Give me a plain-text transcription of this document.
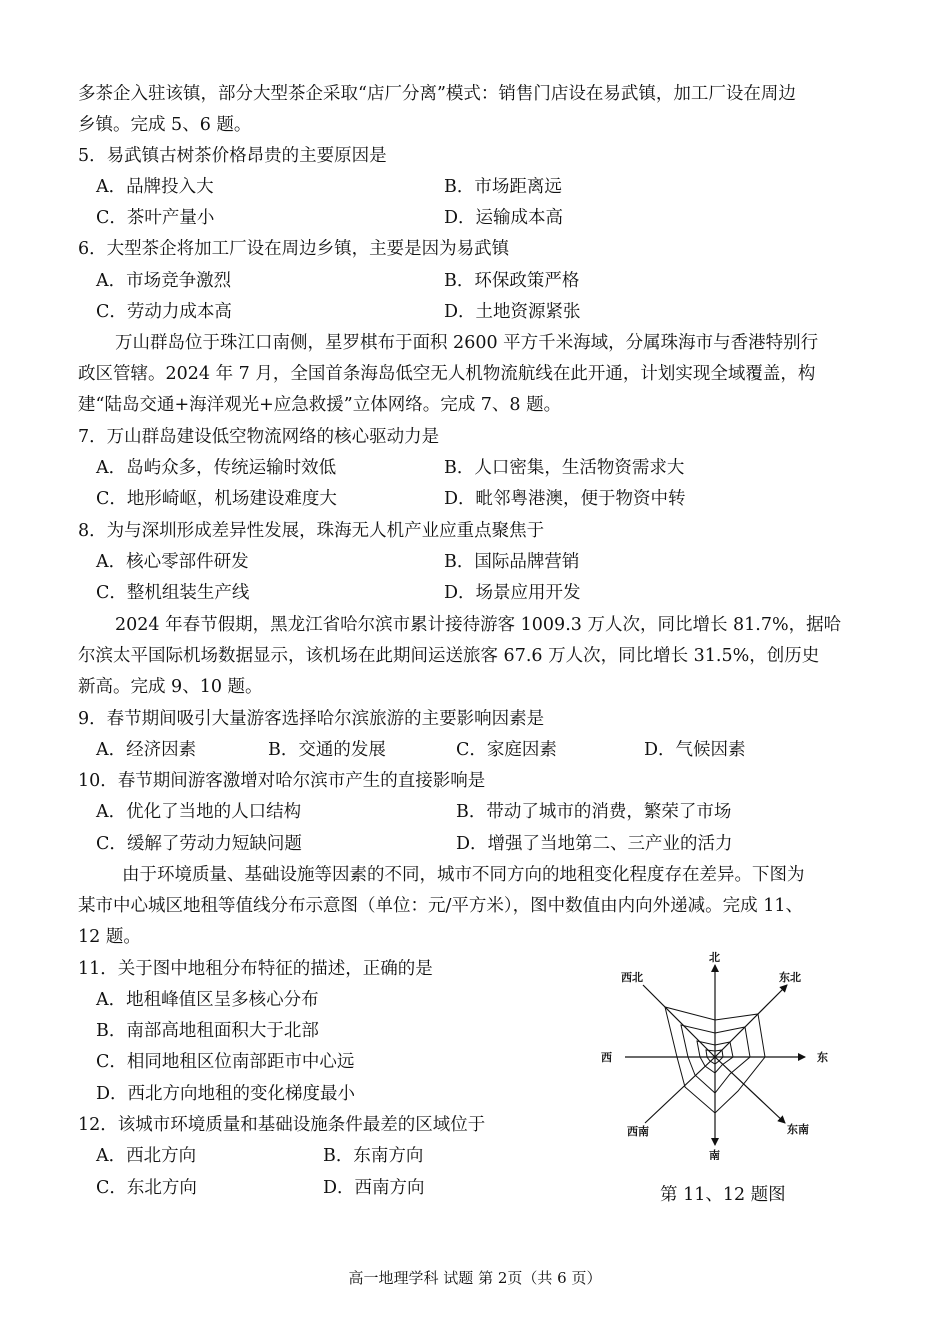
多茶企入驻该镇，部分大型茶企采取“店厂分离”模式：销售门店设在易武镇，加工厂设在周边
乡镇。完成 5、6 题。
5．易武镇古树茶价格昂贵的主要原因是
A．品牌投入大	B．市场距离远
C．茶叶产量小	D．运输成本高
6．大型茶企将加工厂设在周边乡镇，主要是因为易武镇
A．市场竞争激烈	B．环保政策严格
C．劳动力成本高	D．土地资源紧张
万山群岛位于珠江口南侧，星罗棋布于面积 2600 平方千米海域，分属珠海市与香港特别行
政区管辖。2024 年 7 月，全国首条海岛低空无人机物流航线在此开通，计划实现全域覆盖，构
建“陆岛交通+海洋观光+应急救援”立体网络。完成 7、8 题。
7．万山群岛建设低空物流网络的核心驱动力是
A．岛屿众多，传统运输时效低	B．人口密集，生活物资需求大
C．地形崎岖，机场建设难度大	D．毗邻粤港澳，便于物资中转
8．为与深圳形成差异性发展，珠海无人机产业应重点聚焦于
A．核心零部件研发	B．国际品牌营销
C．整机组装生产线	D．场景应用开发
2024 年春节假期，黑龙江省哈尔滨市累计接待游客 1009.3 万人次，同比增长 81.7%，据哈
尔滨太平国际机场数据显示，该机场在此期间运送旅客 67.6 万人次，同比增长 31.5%，创历史
新高。完成 9、10 题。
9．春节期间吸引大量游客选择哈尔滨旅游的主要影响因素是
A．经济因素	B．交通的发展	C．家庭因素	D．气候因素
10．春节期间游客激增对哈尔滨市产生的直接影响是
A．优化了当地的人口结构	B．带动了城市的消费，繁荣了市场
C．缓解了劳动力短缺问题	D．增强了当地第二、三产业的活力
由于环境质量、基础设施等因素的不同，城市不同方向的地租变化程度存在差异。下图为
某市中心城区地租等值线分布示意图（单位：元/平方米），图中数值由内向外递减。完成 11、
12 题。
11．关于图中地租分布特征的描述，正确的是
A．地租峰值区呈多核心分布
B．南部高地租面积大于北部
C．相同地租区位南部距市中心远
D．西北方向地租的变化梯度最小
12．该城市环境质量和基础设施条件最差的区域位于
A．西北方向	B．东南方向
C．东北方向	D．西南方向
北
南
东
西
东北
西北
东南
西南
第 11、12 题图
高一地理学科 试题 第 2页（共 6 页）
